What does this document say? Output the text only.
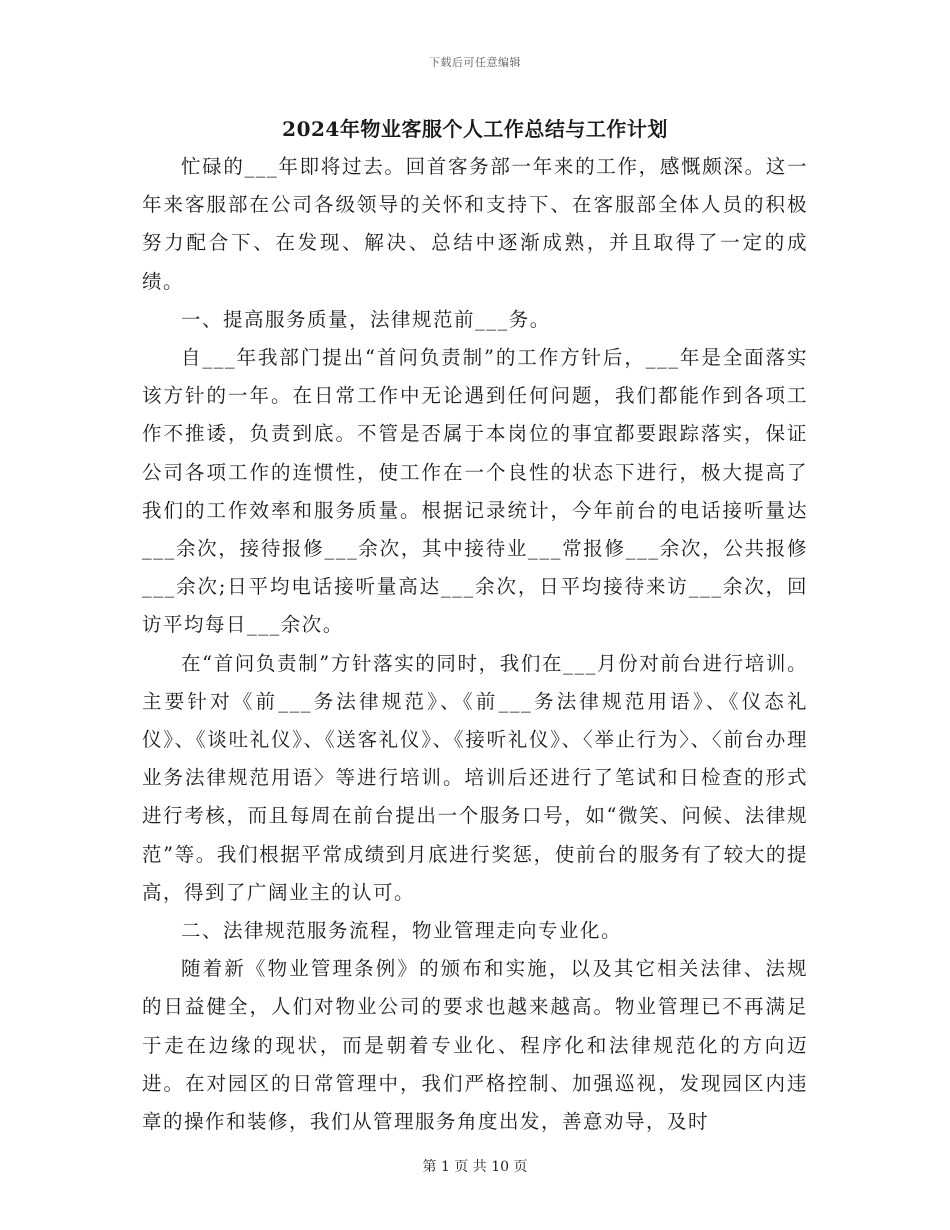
下载后可任意编辑
2024年物业客服个人工作总结与工作计划

忙碌的___年即将过去。回首客务部一年来的工作，感慨颇深。这一年来客服部在公司各级领导的关怀和支持下、在客服部全体人员的积极努力配合下、在发现、解决、总结中逐渐成熟，并且取得了一定的成绩。

一、提高服务质量，法律规范前___务。

自___年我部门提出“首问负责制”的工作方针后，___年是全面落实该方针的一年。在日常工作中无论遇到任何问题，我们都能作到各项工作不推诿，负责到底。不管是否属于本岗位的事宜都要跟踪落实，保证公司各项工作的连惯性，使工作在一个良性的状态下进行，极大提高了我们的工作效率和服务质量。根据记录统计，今年前台的电话接听量达___余次，接待报修___余次，其中接待业___常报修___余次，公共报修___余次;日平均电话接听量高达___余次，日平均接待来访___余次，回访平均每日___余次。

在“首问负责制”方针落实的同时，我们在___月份对前台进行培训。主要针对《前___务法律规范》、《前___务法律规范用语》、《仪态礼仪》、《谈吐礼仪》、《送客礼仪》、《接听礼仪》、〈举止行为〉、〈前台办理业务法律规范用语〉等进行培训。培训后还进行了笔试和日检查的形式进行考核，而且每周在前台提出一个服务口号，如“微笑、问候、法律规范”等。我们根据平常成绩到月底进行奖惩，使前台的服务有了较大的提高，得到了广阔业主的认可。

二、法律规范服务流程，物业管理走向专业化。

随着新《物业管理条例》的颁布和实施，以及其它相关法律、法规的日益健全，人们对物业公司的要求也越来越高。物业管理已不再满足于走在边缘的现状，而是朝着专业化、程序化和法律规范化的方向迈进。在对园区的日常管理中，我们严格控制、加强巡视，发现园区内违章的操作和装修，我们从管理服务角度出发，善意劝导，及时

第 1 页 共 10 页
